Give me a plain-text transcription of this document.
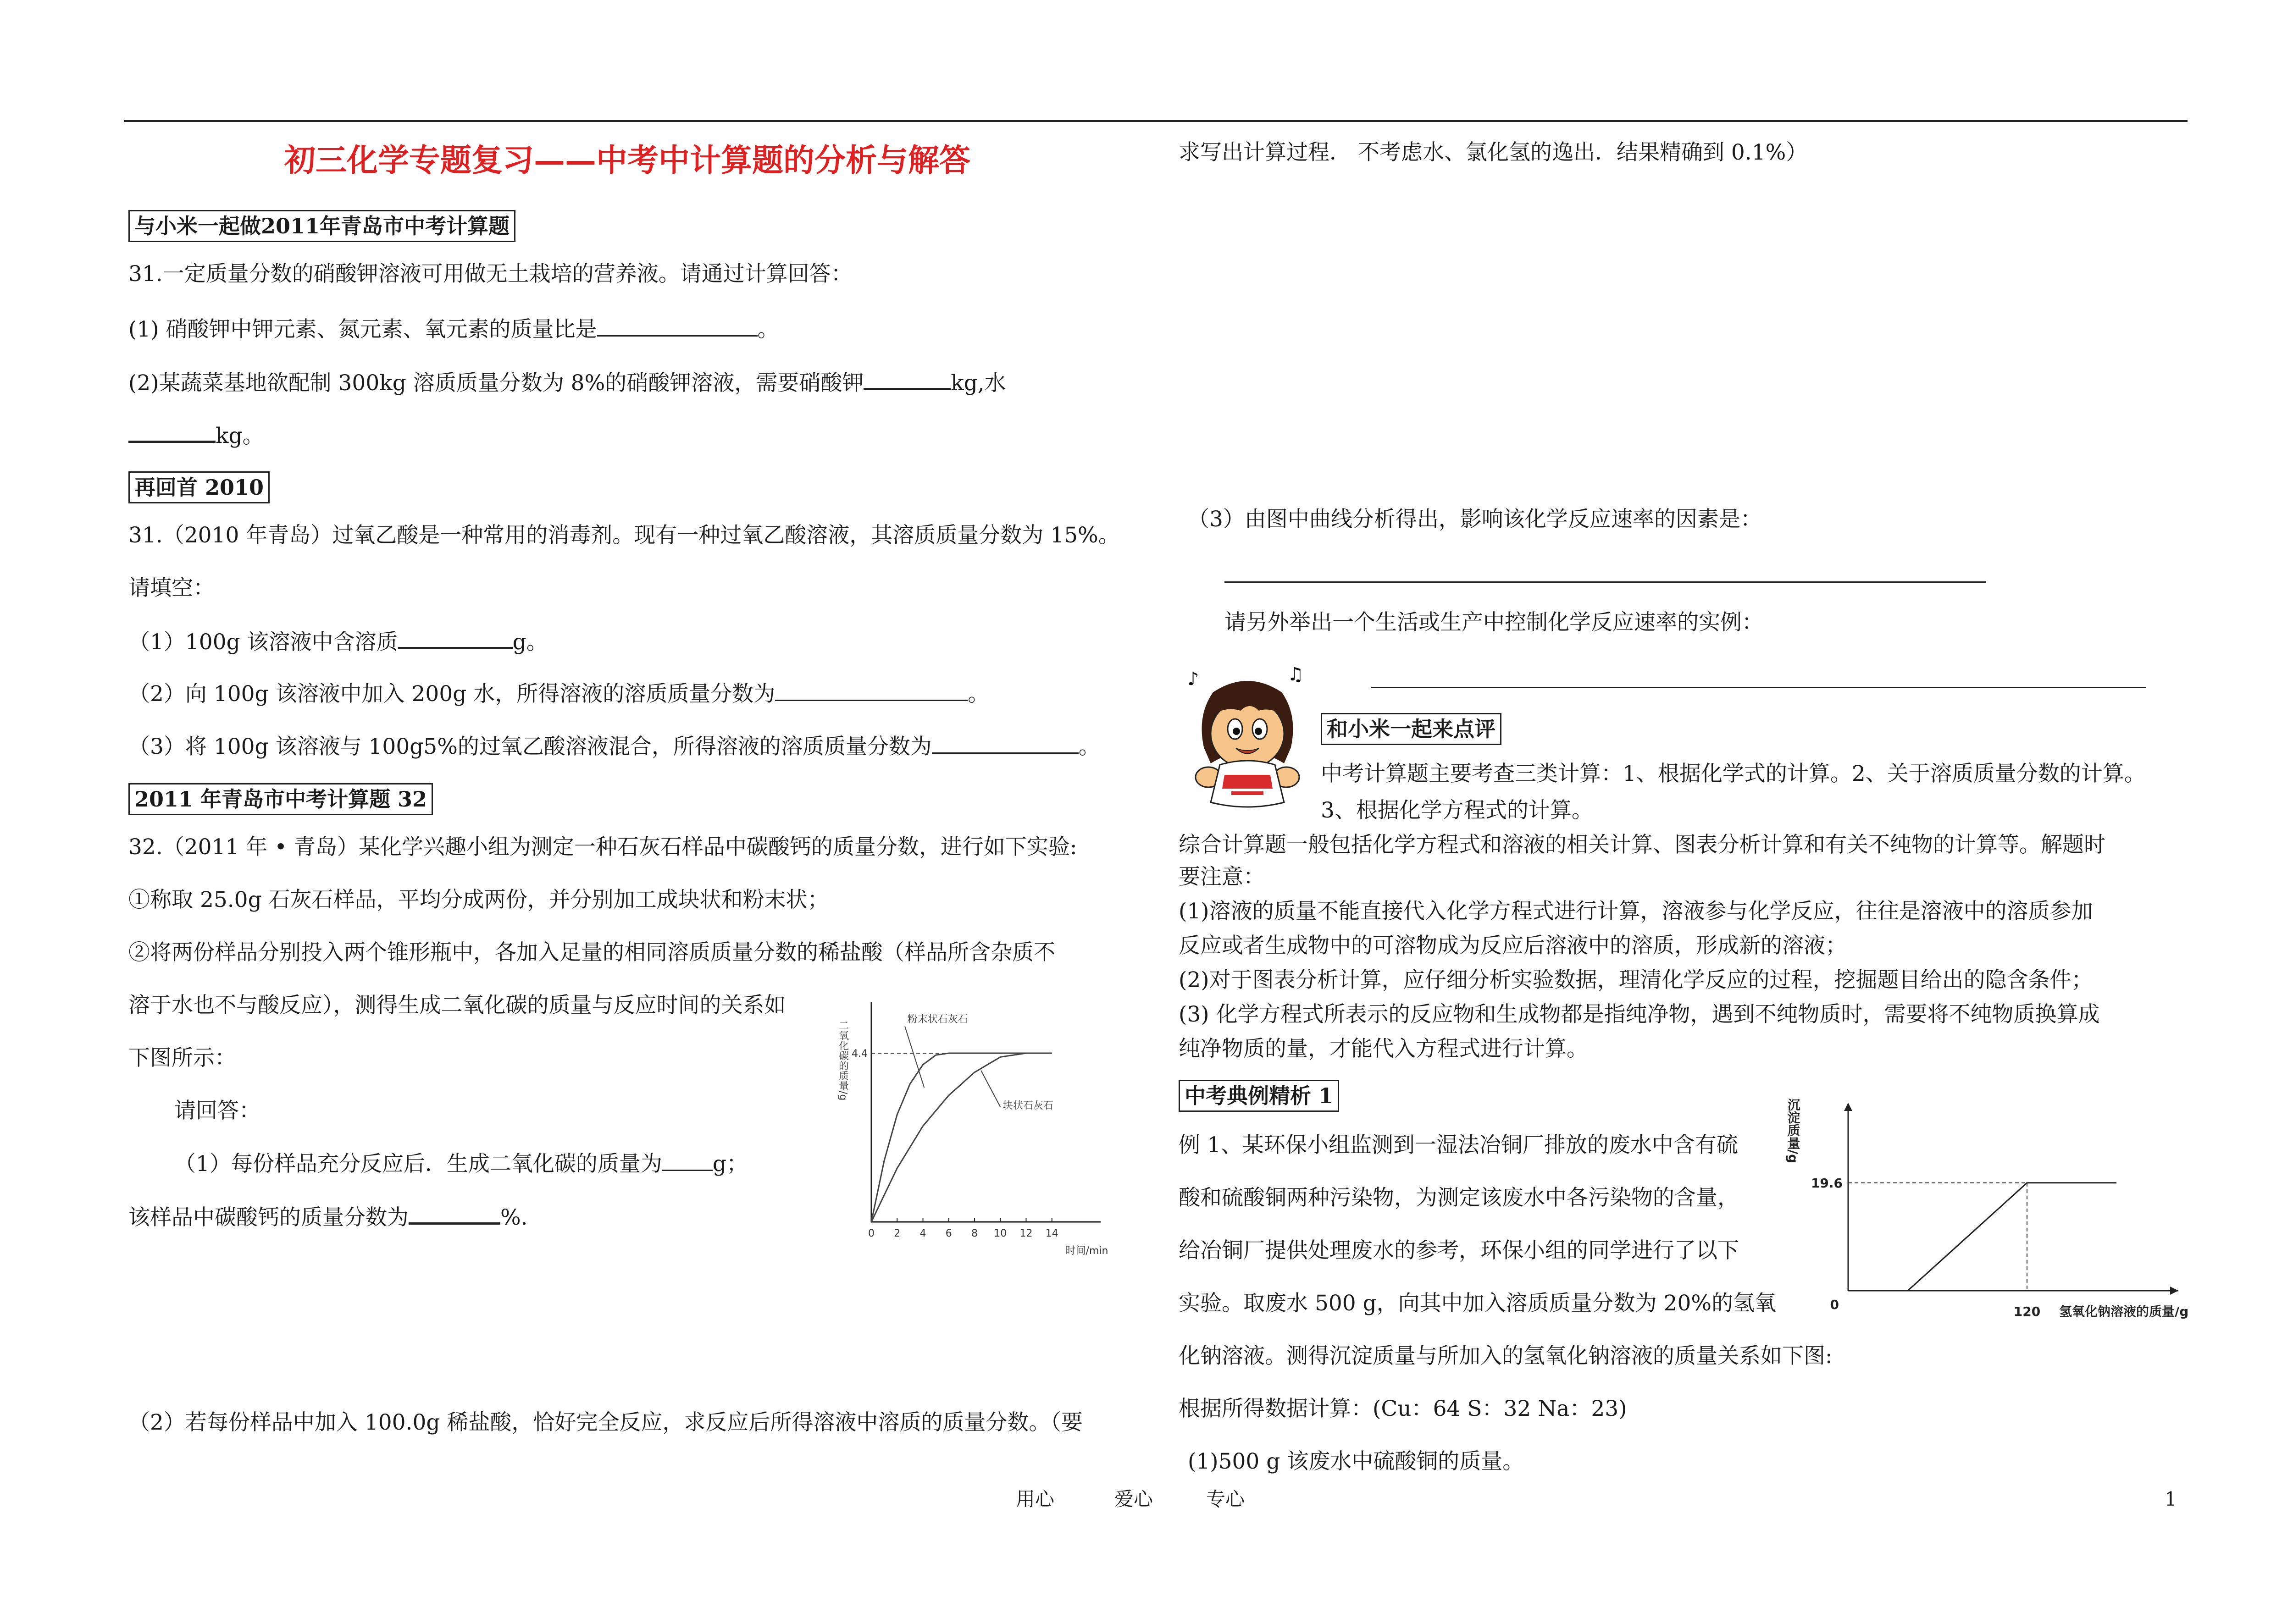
初三化学专题复习——中考中计算题的分析与解答
与小米一起做2011年青岛市中考计算题
31.一定质量分数的硝酸钾溶液可用做无土栽培的营养液。请通过计算回答：
(1) 硝酸钾中钾元素、氮元素、氧元素的质量比是	。
(2)某蔬菜基地欲配制 300kg 溶质质量分数为 8%的硝酸钾溶液，需要硝酸钾	kg,水
kg。
再回首 2010
31.（2010 年青岛）过氧乙酸是一种常用的消毒剂。现有一种过氧乙酸溶液，其溶质质量分数为 15%。
请填空：
（1）100g 该溶液中含溶质	g。
（2）向 100g 该溶液中加入 200g 水，所得溶液的溶质质量分数为	。
（3）将 100g 该溶液与 100g5%的过氧乙酸溶液混合，所得溶液的溶质质量分数为	。
2011 年青岛市中考计算题 32
32.（2011 年 • 青岛）某化学兴趣小组为测定一种石灰石样品中碳酸钙的质量分数，进行如下实验:
①称取 25.0g 石灰石样品，平均分成两份，并分别加工成块状和粉末状；
②将两份样品分别投入两个锥形瓶中，各加入足量的相同溶质质量分数的稀盐酸（样品所含杂质不
溶于水也不与酸反应），测得生成二氧化碳的质量与反应时间的关系如
下图所示：
请回答：
（1）每份样品充分反应后．生成二氧化碳的质量为 g；
该样品中碳酸钙的质量分数为	%.
（2）若每份样品中加入 100.0g 稀盐酸，恰好完全反应，求反应后所得溶液中溶质的质量分数。（要
二氧化碳的质量/g
0 2 4 6 8 10 12 14
时间/min
4.4
粉末状石灰石
块状石灰石
求写出计算过程． 不考虑水、氯化氢的逸出．结果精确到 0.1%）
（3）由图中曲线分析得出，影响该化学反应速率的因素是：
请另外举出一个生活或生产中控制化学反应速率的实例：
♪	♫
和小米一起来点评
中考计算题主要考查三类计算：1、根据化学式的计算。2、关于溶质质量分数的计算。
3、根据化学方程式的计算。
综合计算题一般包括化学方程式和溶液的相关计算、图表分析计算和有关不纯物的计算等。解题时
要注意：
(1)溶液的质量不能直接代入化学方程式进行计算，溶液参与化学反应，往往是溶液中的溶质参加
反应或者生成物中的可溶物成为反应后溶液中的溶质，形成新的溶液；
(2)对于图表分析计算，应仔细分析实验数据，理清化学反应的过程，挖掘题目给出的隐含条件；
(3) 化学方程式所表示的反应物和生成物都是指纯净物，遇到不纯物质时，需要将不纯物质换算成
纯净物质的量，才能代入方程式进行计算。
中考典例精析 1
例 1、某环保小组监测到一湿法冶铜厂排放的废水中含有硫
酸和硫酸铜两种污染物，为测定该废水中各污染物的含量，
给冶铜厂提供处理废水的参考，环保小组的同学进行了以下
实验。取废水 500 g，向其中加入溶质质量分数为 20%的氢氧
化钠溶液。测得沉淀质量与所加入的氢氧化钠溶液的质量关系如下图:
根据所得数据计算：(Cu：64 S：32 Na：23)
(1)500 g 该废水中硫酸铜的质量。
沉淀质量/g
0
19.6
120 氢氧化钠溶液的质量/g
用心	爱心	专心	1
